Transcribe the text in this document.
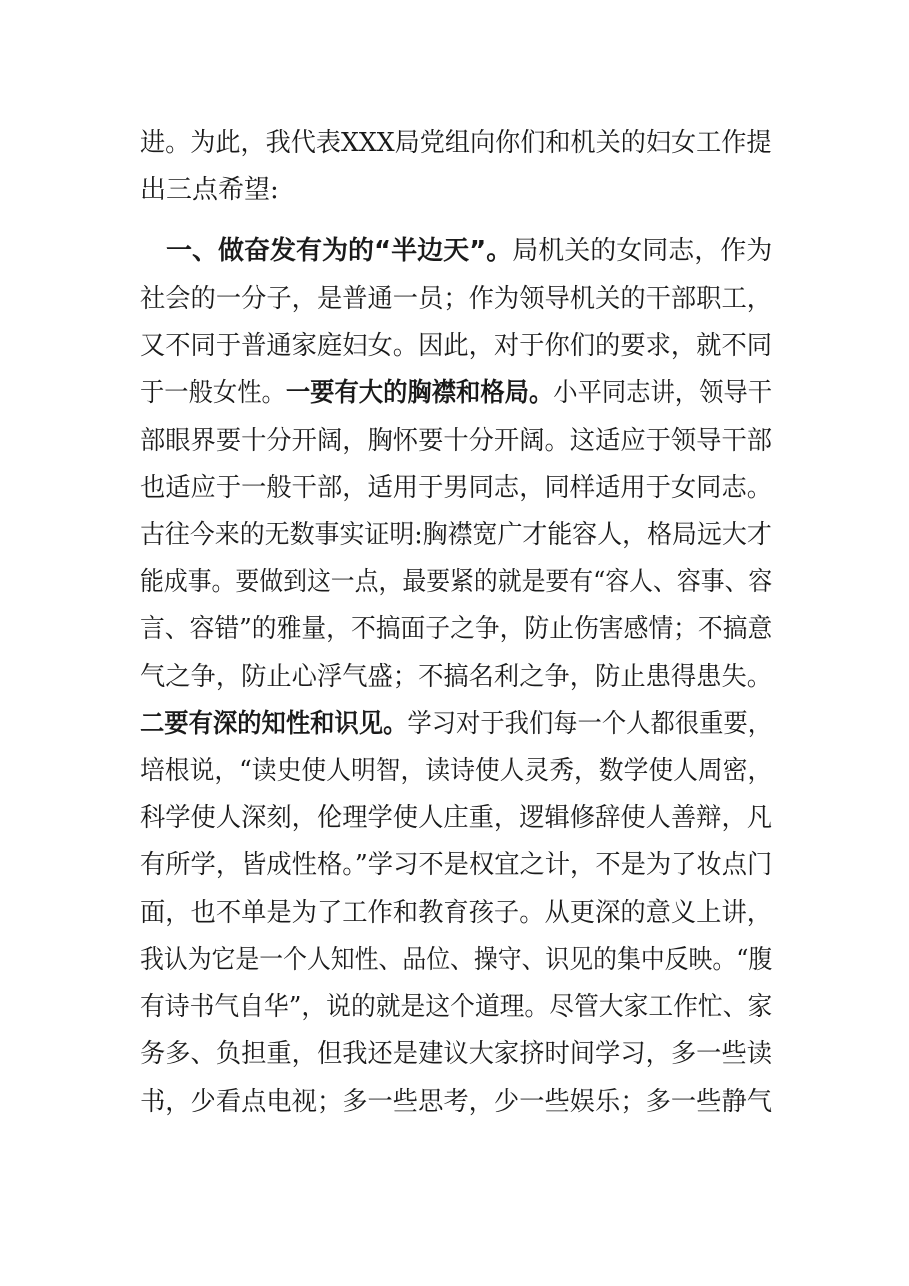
进。为此，我代表XXX局党组向你们和机关的妇女工作提
出三点希望:
　一、做奋发有为的“半边天”。局机关的女同志，作为
社会的一分子，是普通一员；作为领导机关的干部职工，
又不同于普通家庭妇女。因此，对于你们的要求，就不同
于一般女性。一要有大的胸襟和格局。小平同志讲，领导干
部眼界要十分开阔，胸怀要十分开阔。这适应于领导干部
也适应于一般干部，适用于男同志，同样适用于女同志。
古往今来的无数事实证明:胸襟宽广才能容人，格局远大才
能成事。要做到这一点，最要紧的就是要有“容人、容事、容
言、容错”的雅量，不搞面子之争，防止伤害感情；不搞意
气之争，防止心浮气盛；不搞名利之争，防止患得患失。
二要有深的知性和识见。学习对于我们每一个人都很重要，
培根说，“读史使人明智，读诗使人灵秀，数学使人周密，
科学使人深刻，伦理学使人庄重，逻辑修辞使人善辩，凡
有所学，皆成性格。”学习不是权宜之计，不是为了妆点门
面，也不单是为了工作和教育孩子。从更深的意义上讲，
我认为它是一个人知性、品位、操守、识见的集中反映。“腹
有诗书气自华”，说的就是这个道理。尽管大家工作忙、家
务多、负担重，但我还是建议大家挤时间学习，多一些读
书，少看点电视；多一些思考，少一些娱乐；多一些静气
